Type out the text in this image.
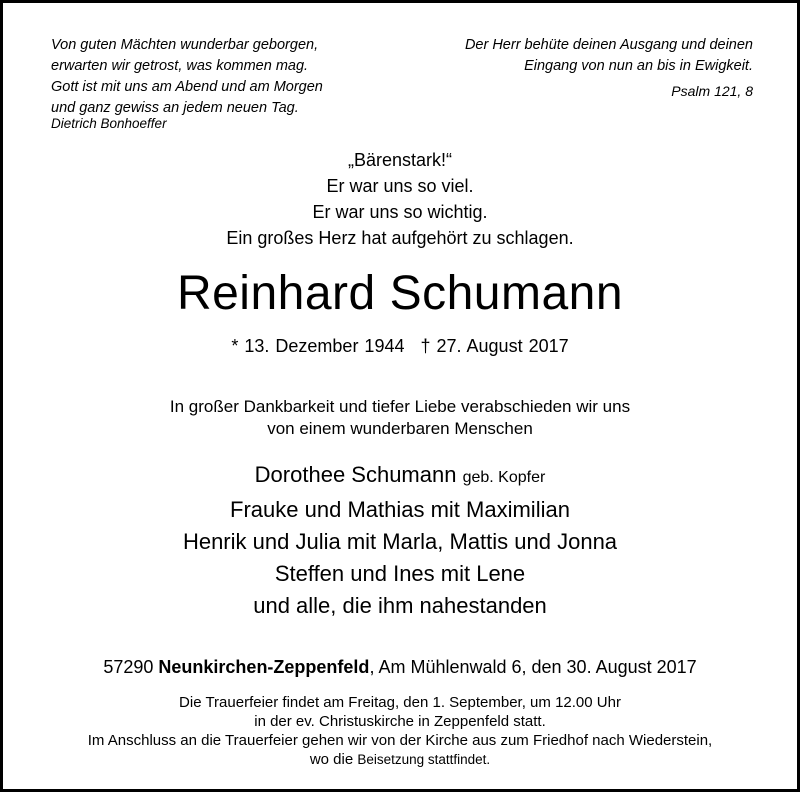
Von guten Mächten wunderbar geborgen,
erwarten wir getrost, was kommen mag.
Gott ist mit uns am Abend und am Morgen
und ganz gewiss an jedem neuen Tag.
Dietrich Bonhoeffer
Der Herr behüte deinen Ausgang und deinen
Eingang von nun an bis in Ewigkeit.
Psalm 121, 8
„Bärenstark!“
Er war uns so viel.
Er war uns so wichtig.
Ein großes Herz hat aufgehört zu schlagen.
Reinhard Schumann
* 13. Dezember 1944 † 27. August 2017
In großer Dankbarkeit und tiefer Liebe verabschieden wir uns
von einem wunderbaren Menschen
Dorothee Schumann geb. Kopfer
Frauke und Mathias mit Maximilian
Henrik und Julia mit Marla, Mattis und Jonna
Steffen und Ines mit Lene
und alle, die ihm nahestanden
57290 Neunkirchen-Zeppenfeld, Am Mühlenwald 6, den 30. August 2017
Die Trauerfeier findet am Freitag, den 1. September, um 12.00 Uhr
in der ev. Christuskirche in Zeppenfeld statt.
Im Anschluss an die Trauerfeier gehen wir von der Kirche aus zum Friedhof nach Wiederstein,
wo die Beisetzung stattfindet.
